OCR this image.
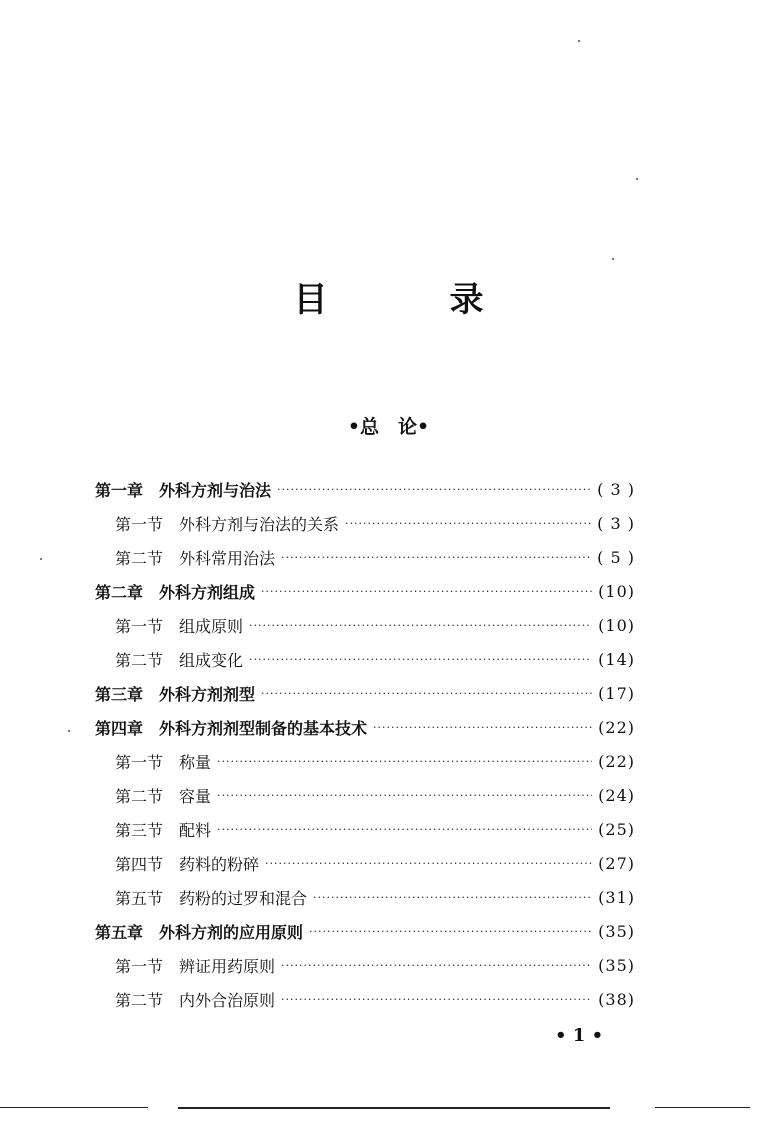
目　录
•总　论•
第一章 外科方剂与治法 ·····	( 3 )
第一节 外科方剂与治法的关系 ·····	( 3 )
第二节 外科常用治法 ·····	( 5 )
第二章 外科方剂组成 ·····	(10)
第一节 组成原则 ·····	(10)
第二节 组成变化 ·····	(14)
第三章 外科方剂剂型 ·····	(17)
第四章 外科方剂剂型制备的基本技术 ·····	(22)
第一节 称量 ·····	(22)
第二节 容量 ·····	(24)
第三节 配料 ·····	(25)
第四节 药料的粉碎 ·····	(27)
第五节 药粉的过罗和混合 ·····	(31)
第五章 外科方剂的应用原则 ·····	(35)
第一节 辨证用药原则 ·····	(35)
第二节 内外合治原则 ·····	(38)
• 1 •
